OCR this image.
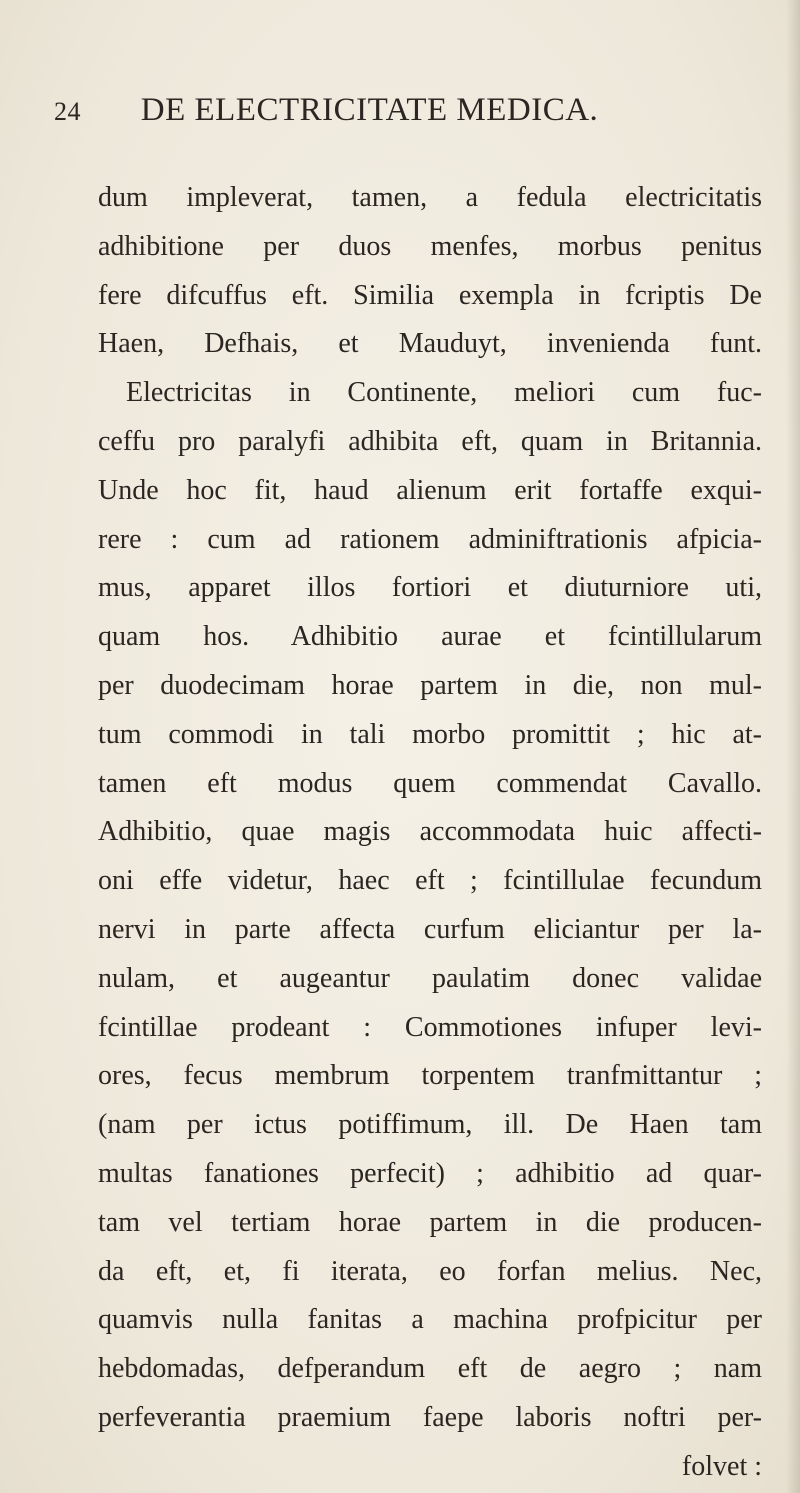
24 DE ELECTRICITATE MEDICA.
dum impleverat, tamen, a fedula electricitatis
adhibitione per duos menfes, morbus penitus
fere difcuffus eft. Similia exempla in fcriptis De
Haen, Defhais, et Mauduyt, invenienda funt.
Electricitas in Continente, meliori cum fuc-
ceffu pro paralyfi adhibita eft, quam in Britannia.
Unde hoc fit, haud alienum erit fortaffe exqui-
rere : cum ad rationem adminiftrationis afpicia-
mus, apparet illos fortiori et diuturniore uti,
quam hos. Adhibitio aurae et fcintillularum
per duodecimam horae partem in die, non mul-
tum commodi in tali morbo promittit ; hic at-
tamen eft modus quem commendat Cavallo.
Adhibitio, quae magis accommodata huic affecti-
oni effe videtur, haec eft ; fcintillulae fecundum
nervi in parte affecta curfum eliciantur per la-
nulam, et augeantur paulatim donec validae
fcintillae prodeant : Commotiones infuper levi-
ores, fecus membrum torpentem tranfmittantur ;
(nam per ictus potiffimum, ill. De Haen tam
multas fanationes perfecit) ; adhibitio ad quar-
tam vel tertiam horae partem in die producen-
da eft, et, fi iterata, eo forfan melius. Nec,
quamvis nulla fanitas a machina profpicitur per
hebdomadas, defperandum eft de aegro ; nam
perfeverantia praemium faepe laboris noftri per-
folvet :
